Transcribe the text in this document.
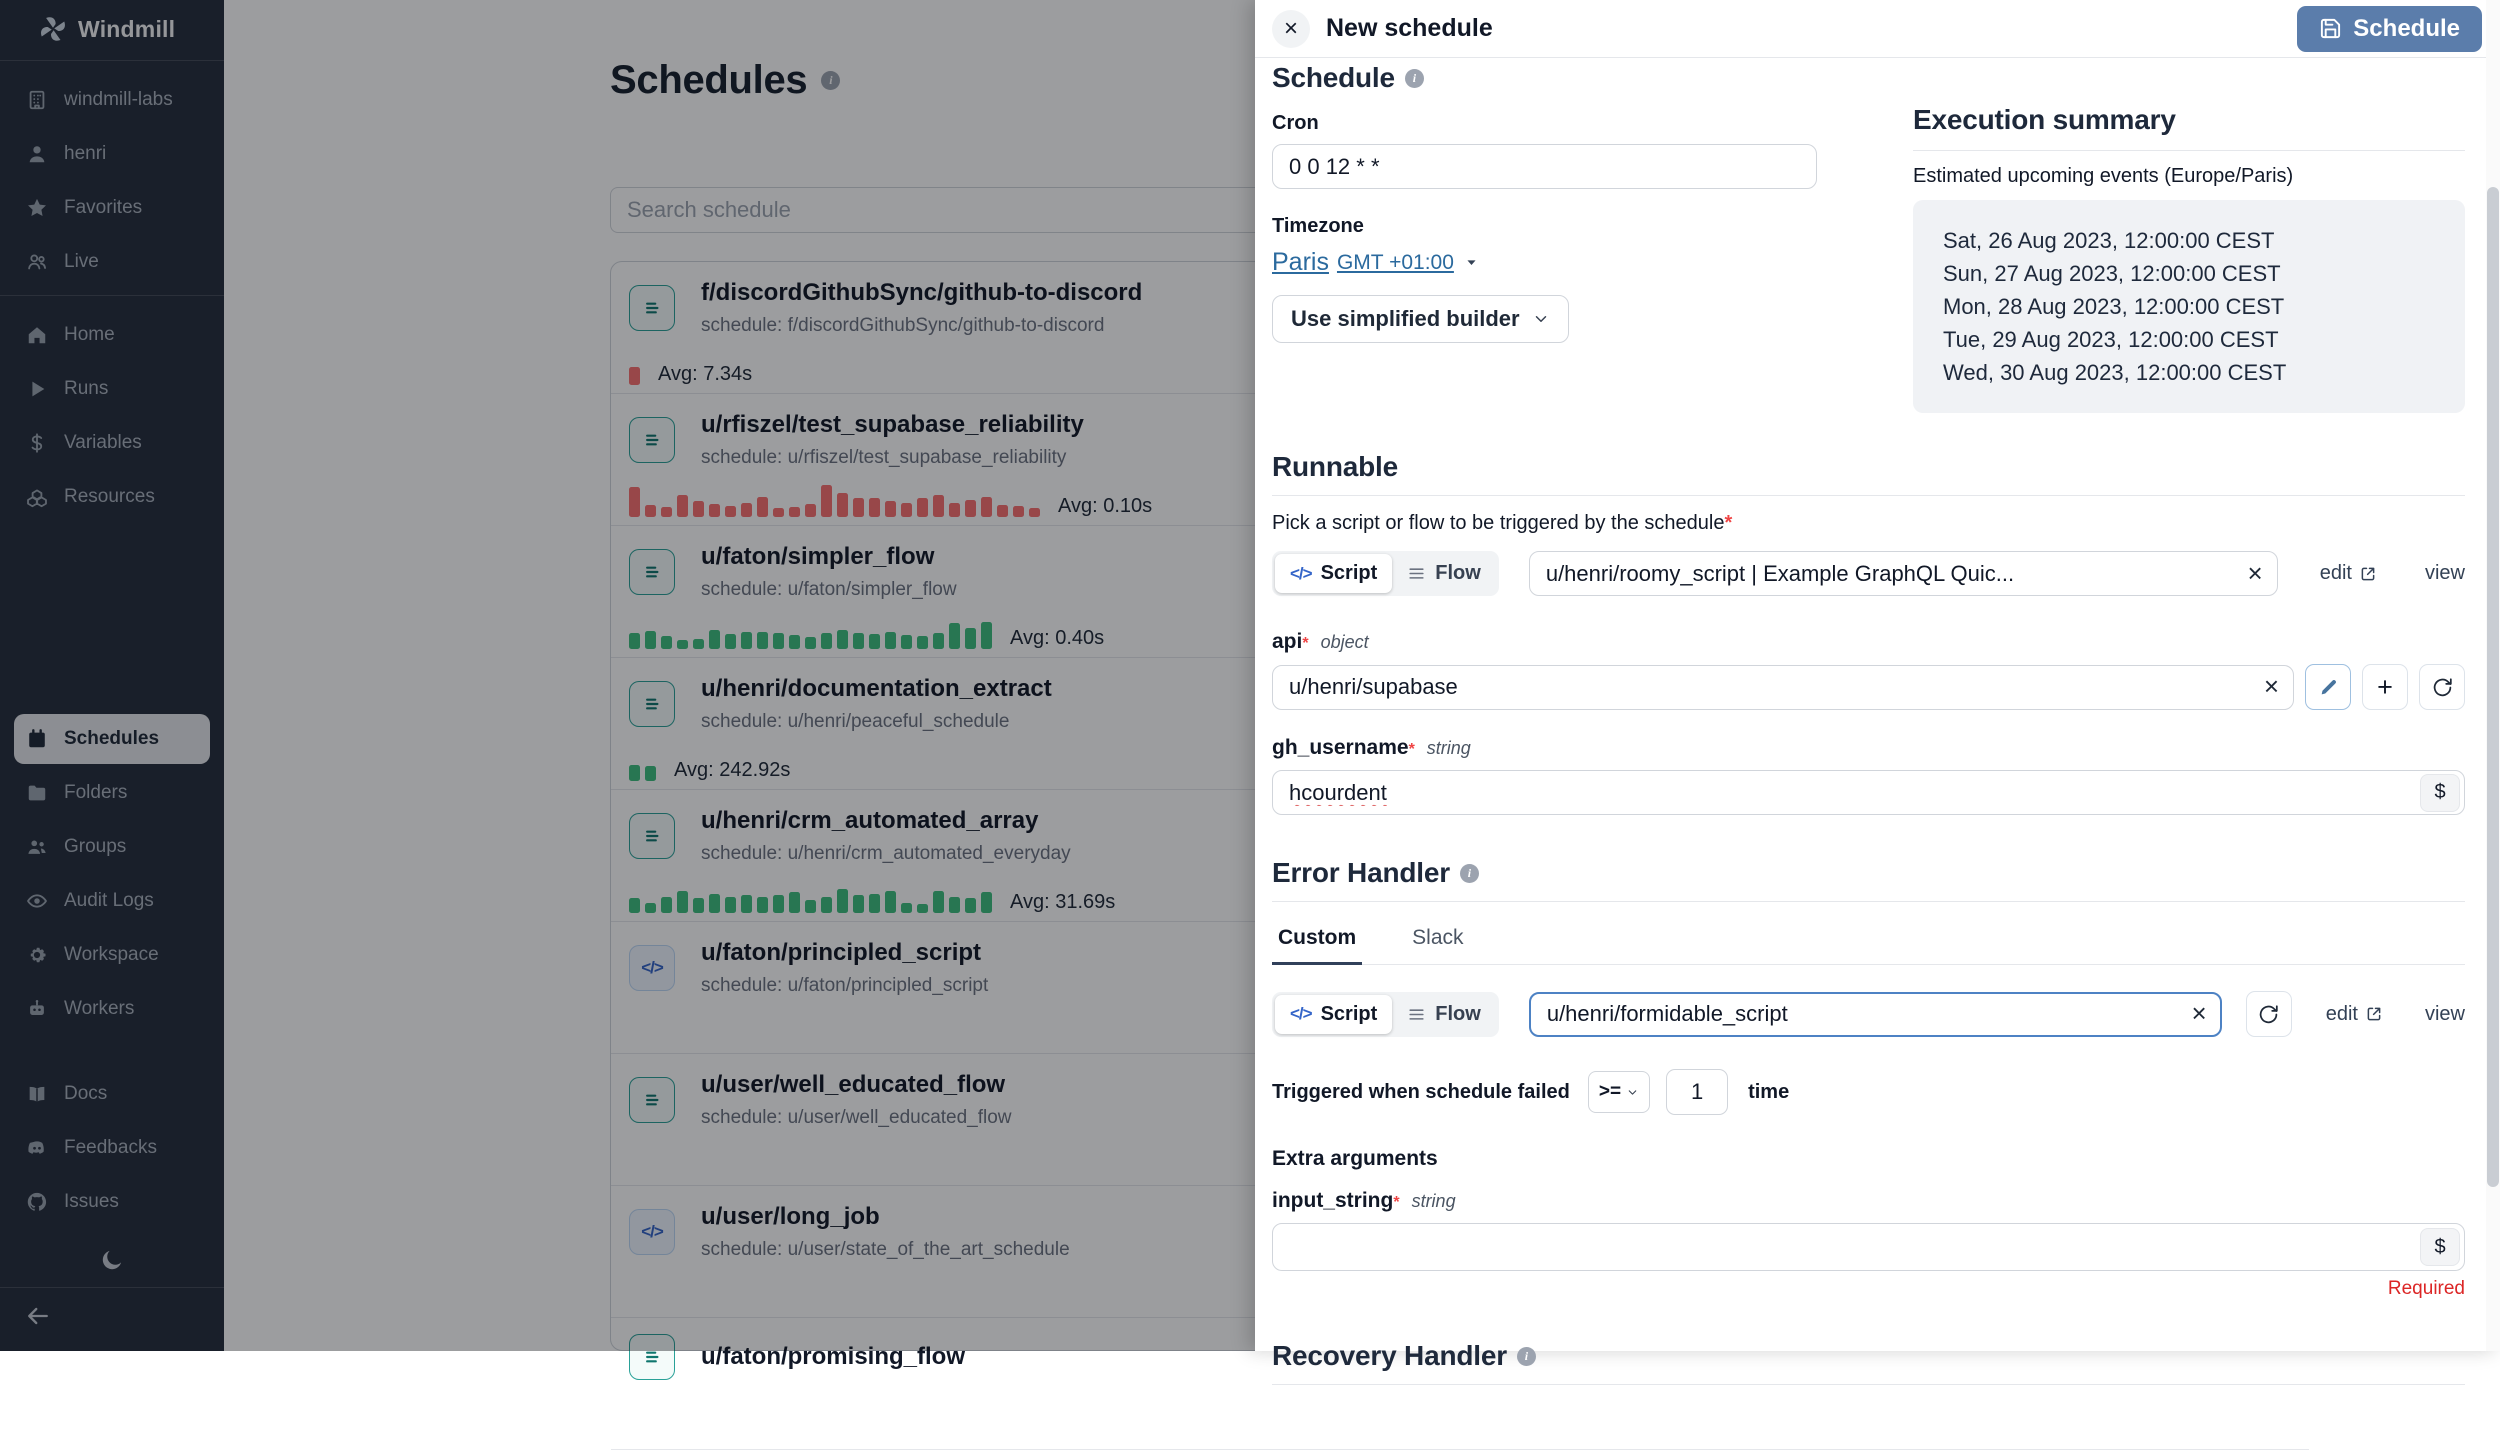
Windmill
windmill-labs
henri
Favorites
Live
Home
Runs
Variables
Resources
Schedules
Folders
Groups
Audit Logs
Workspace
Workers
Docs
Feedbacks
Issues
Schedules	i
Search schedule
f/discordGithubSync/github-to-discord
schedule: f/discordGithubSync/github-to-discord
Avg: 7.34s
u/rfiszel/test_supabase_reliability
schedule: u/rfiszel/test_supabase_reliability
Avg: 0.10s
u/faton/simpler_flow
schedule: u/faton/simpler_flow
Avg: 0.40s
u/henri/documentation_extract
schedule: u/henri/peaceful_schedule
Avg: 242.92s
u/henri/crm_automated_array
schedule: u/henri/crm_automated_everyday
Avg: 31.69s
</>
u/faton/principled_script
schedule: u/faton/principled_script
u/user/well_educated_flow
schedule: u/user/well_educated_flow
</>
u/user/long_job
schedule: u/user/state_of_the_art_schedule
u/faton/promising_flow
×	New schedule	Schedule
Schedule	i
Cron
0 0 12 * *
Timezone
Paris GMT +01:00
Use simplified builder
Execution summary
Estimated upcoming events (Europe/Paris)
Sat, 26 Aug 2023, 12:00:00 CEST
Sun, 27 Aug 2023, 12:00:00 CEST
Mon, 28 Aug 2023, 12:00:00 CEST
Tue, 29 Aug 2023, 12:00:00 CEST
Wed, 30 Aug 2023, 12:00:00 CEST
Runnable
Pick a script or flow to be triggered by the schedule*
</> Script	Flow
u/henri/roomy_script | Example GraphQL Quic...	×	edit	view
api * object
u/henri/supabase
×	+
gh_username * string
hcourdent
$
Error Handler	i
Custom	Slack
</> Script	Flow
u/henri/formidable_script	×	edit	view
Triggered when schedule failed >=
1	time
Extra arguments
input_string * string
$
Required
Recovery Handler	i
